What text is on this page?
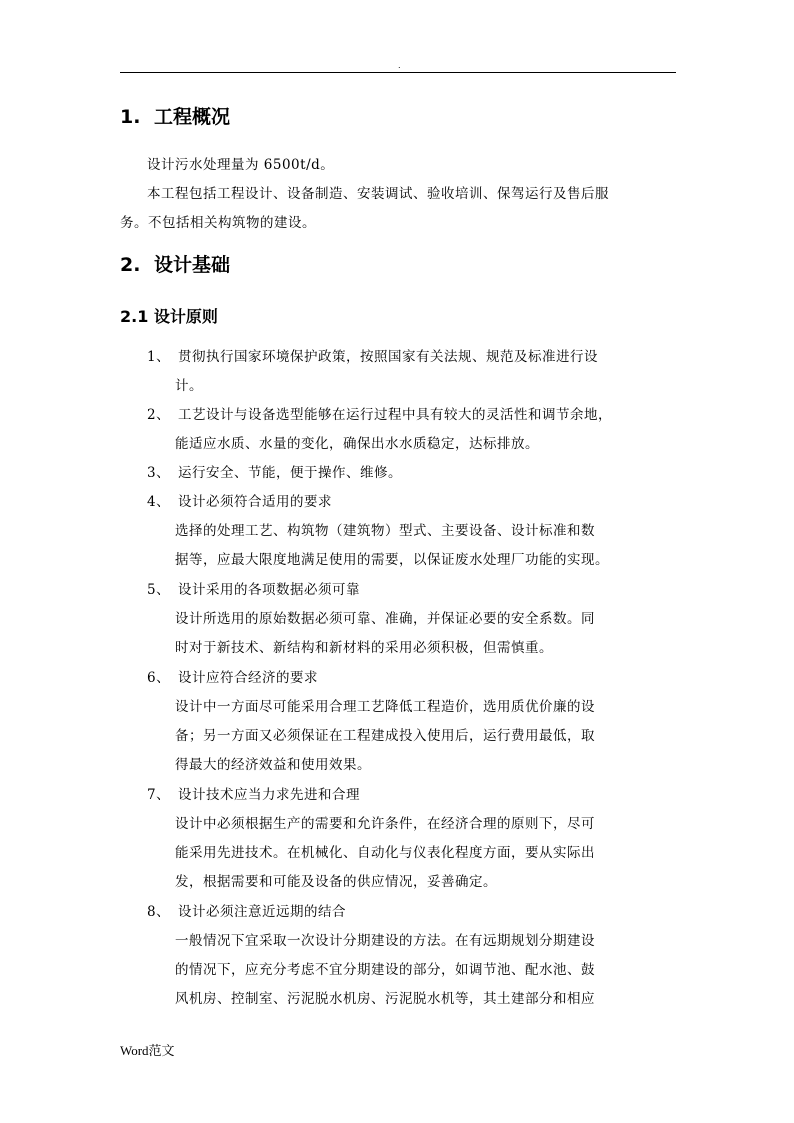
.
1. 工程概况
设计污水处理量为 6500t/d。
本工程包括工程设计、设备制造、安装调试、验收培训、保驾运行及售后服
务。不包括相关构筑物的建设。
2. 设计基础
2.1 设计原则
1、 贯彻执行国家环境保护政策，按照国家有关法规、规范及标准进行设
计。
2、 工艺设计与设备选型能够在运行过程中具有较大的灵活性和调节余地，
能适应水质、水量的变化，确保出水水质稳定，达标排放。
3、 运行安全、节能，便于操作、维修。
4、 设计必须符合适用的要求
选择的处理工艺、构筑物（建筑物）型式、主要设备、设计标准和数
据等，应最大限度地满足使用的需要，以保证废水处理厂功能的实现。
5、 设计采用的各项数据必须可靠
设计所选用的原始数据必须可靠、准确，并保证必要的安全系数。同
时对于新技术、新结构和新材料的采用必须积极，但需慎重。
6、 设计应符合经济的要求
设计中一方面尽可能采用合理工艺降低工程造价，选用质优价廉的设
备；另一方面又必须保证在工程建成投入使用后，运行费用最低，取
得最大的经济效益和使用效果。
7、 设计技术应当力求先进和合理
设计中必须根据生产的需要和允许条件，在经济合理的原则下，尽可
能采用先进技术。在机械化、自动化与仪表化程度方面，要从实际出
发，根据需要和可能及设备的供应情况，妥善确定。
8、 设计必须注意近远期的结合
一般情况下宜采取一次设计分期建设的方法。在有远期规划分期建设
的情况下，应充分考虑不宜分期建设的部分，如调节池、配水池、鼓
风机房、控制室、污泥脱水机房、污泥脱水机等，其土建部分和相应
Word范文
